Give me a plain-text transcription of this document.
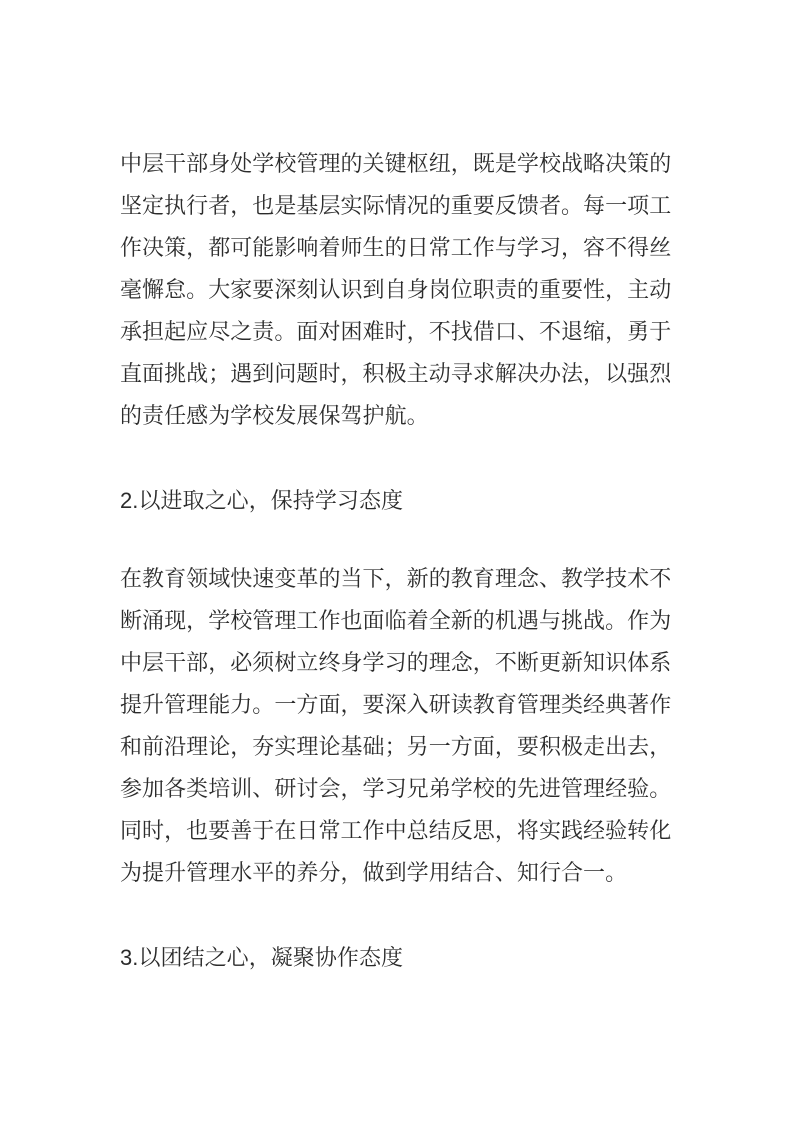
中层干部身处学校管理的关键枢纽，既是学校战略决策的坚定执行者，也是基层实际情况的重要反馈者。每一项工作决策，都可能影响着师生的日常工作与学习，容不得丝毫懈怠。大家要深刻认识到自身岗位职责的重要性，主动承担起应尽之责。面对困难时，不找借口、不退缩，勇于直面挑战；遇到问题时，积极主动寻求解决办法，以强烈的责任感为学校发展保驾护航。

2.以进取之心，保持学习态度

在教育领域快速变革的当下，新的教育理念、教学技术不断涌现，学校管理工作也面临着全新的机遇与挑战。作为中层干部，必须树立终身学习的理念，不断更新知识体系提升管理能力。一方面，要深入研读教育管理类经典著作和前沿理论，夯实理论基础；另一方面，要积极走出去，参加各类培训、研讨会，学习兄弟学校的先进管理经验。同时，也要善于在日常工作中总结反思，将实践经验转化为提升管理水平的养分，做到学用结合、知行合一。

3.以团结之心，凝聚协作态度
